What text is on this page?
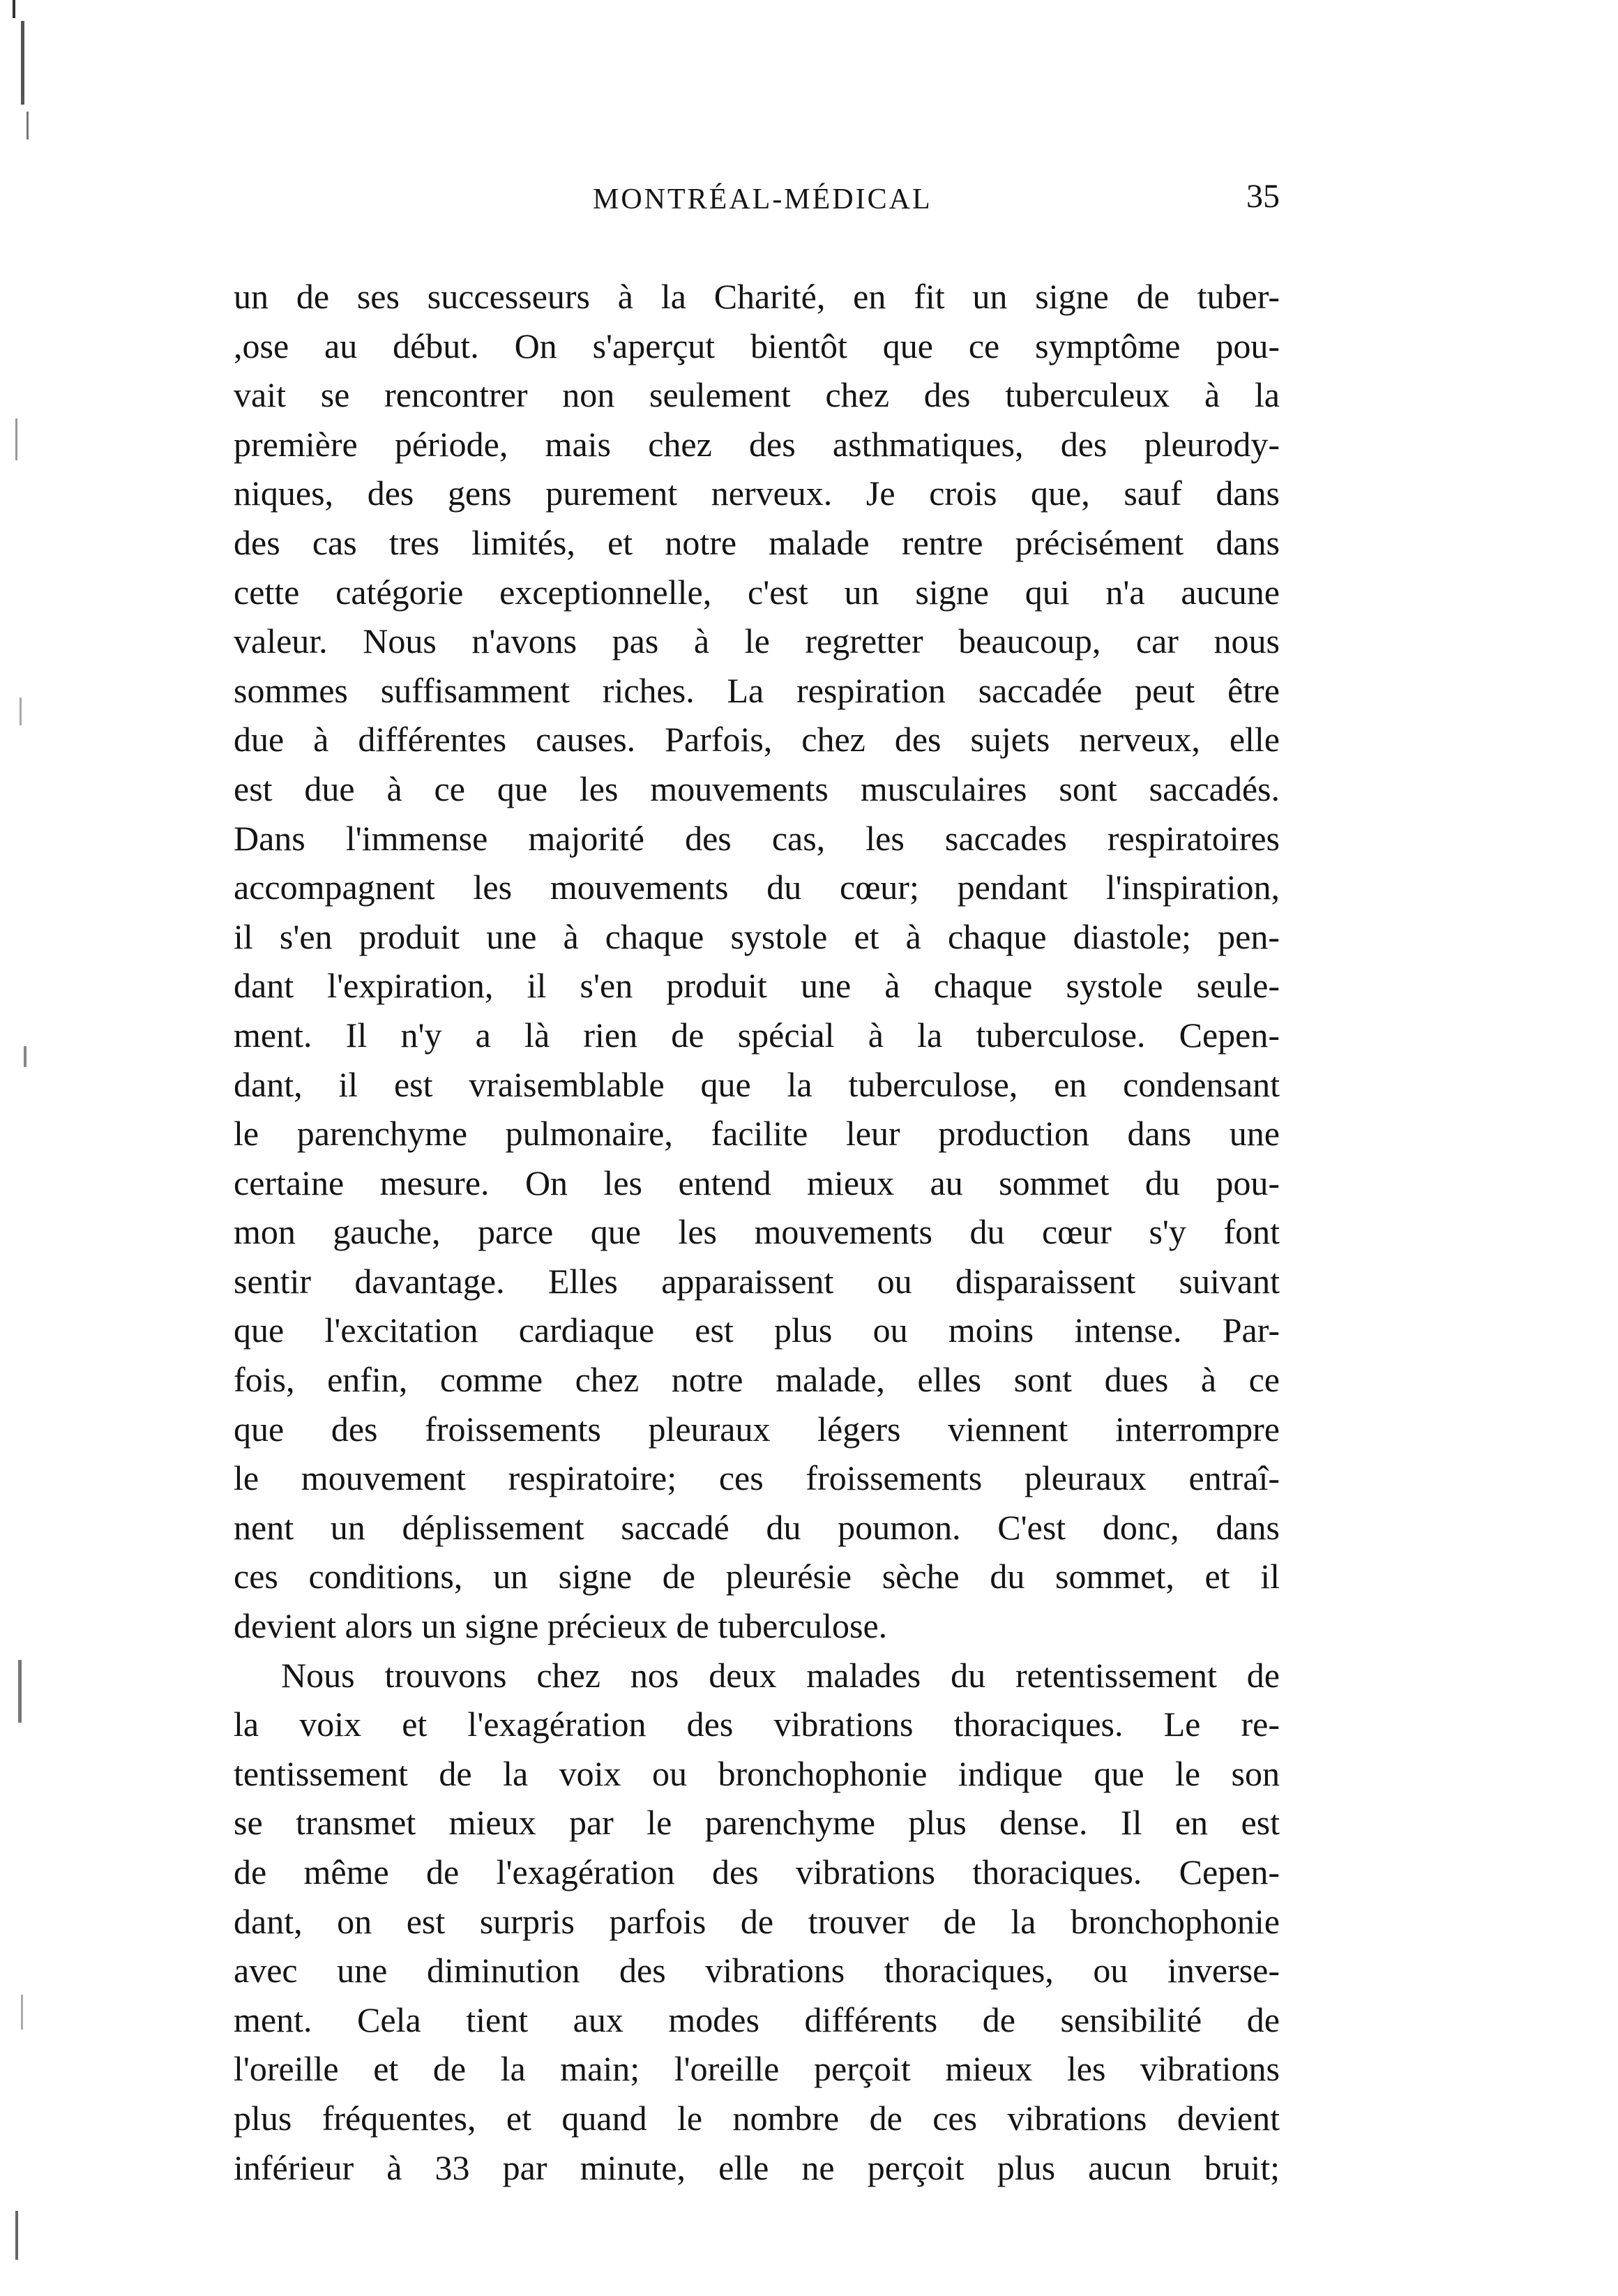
MONTRÉAL-MÉDICAL	35
un de ses successeurs à la Charité, en fit un signe de tuber-
,ose au début. On s'aperçut bientôt que ce symptôme pou-
vait se rencontrer non seulement chez des tuberculeux à la
première période, mais chez des asthmatiques, des pleurody-
niques, des gens purement nerveux. Je crois que, sauf dans
des cas tres limités, et notre malade rentre précisément dans
cette catégorie exceptionnelle, c'est un signe qui n'a aucune
valeur. Nous n'avons pas à le regretter beaucoup, car nous
sommes suffisamment riches. La respiration saccadée peut être
due à différentes causes. Parfois, chez des sujets nerveux, elle
est due à ce que les mouvements musculaires sont saccadés.
Dans l'immense majorité des cas, les saccades respiratoires
accompagnent les mouvements du cœur; pendant l'inspiration,
il s'en produit une à chaque systole et à chaque diastole; pen-
dant l'expiration, il s'en produit une à chaque systole seule-
ment. Il n'y a là rien de spécial à la tuberculose. Cepen-
dant, il est vraisemblable que la tuberculose, en condensant
le parenchyme pulmonaire, facilite leur production dans une
certaine mesure. On les entend mieux au sommet du pou-
mon gauche, parce que les mouvements du cœur s'y font
sentir davantage. Elles apparaissent ou disparaissent suivant
que l'excitation cardiaque est plus ou moins intense. Par-
fois, enfin, comme chez notre malade, elles sont dues à ce
que des froissements pleuraux légers viennent interrompre
le mouvement respiratoire; ces froissements pleuraux entraî-
nent un déplissement saccadé du poumon. C'est donc, dans
ces conditions, un signe de pleurésie sèche du sommet, et il
devient alors un signe précieux de tuberculose.
Nous trouvons chez nos deux malades du retentissement de
la voix et l'exagération des vibrations thoraciques. Le re-
tentissement de la voix ou bronchophonie indique que le son
se transmet mieux par le parenchyme plus dense. Il en est
de même de l'exagération des vibrations thoraciques. Cepen-
dant, on est surpris parfois de trouver de la bronchophonie
avec une diminution des vibrations thoraciques, ou inverse-
ment. Cela tient aux modes différents de sensibilité de
l'oreille et de la main; l'oreille perçoit mieux les vibrations
plus fréquentes, et quand le nombre de ces vibrations devient
inférieur à 33 par minute, elle ne perçoit plus aucun bruit;
